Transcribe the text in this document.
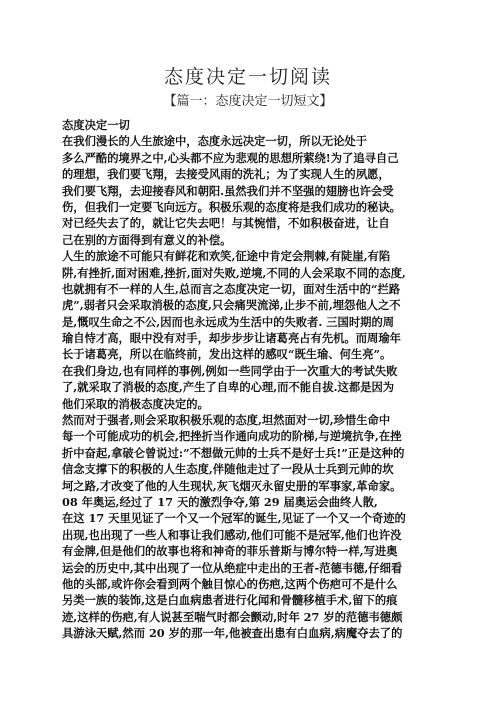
态度决定一切阅读
【篇一：态度决定一切短文】
态度决定一切
在我们漫长的人生旅途中，态度永远决定一切，所以无论处于
多么严酷的境界之中,心头都不应为悲观的思想所萦绕!为了追寻自己
的理想，我们要飞翔，去接受风雨的洗礼；为了实现人生的夙愿，
我们要飞翔，去迎接春风和朝阳.虽然我们并不坚强的翅膀也许会受
伤，但我们一定要飞向远方。积极乐观的态度将是我们成功的秘诀。
对已经失去了的，就让它失去吧！与其惋惜，不如积极奋进，让自
己在别的方面得到有意义的补偿。
人生的旅途不可能只有鲜花和欢笑,征途中肯定会荆棘,有陡崖,有陷
阱,有挫折,面对困难,挫折,面对失败,逆境,不同的人会采取不同的态度,
也就拥有不一样的人生,总而言之态度决定一切，面对生活中的“拦路
虎”,弱者只会采取消极的态度,只会痛哭流涕,止步不前,埋怨他人之不
是,慨叹生命之不公,因而也永远成为生活中的失败者. 三国时期的周
瑜自恃才高，眼中没有对手，却步步步让诸葛亮占有先机。而周瑜年
长于诸葛亮，所以在临终前，发出这样的感叹“既生瑜、何生亮”。
在我们身边,也有同样的事例,例如一些同学由于一次重大的考试失败
了,就采取了消极的态度,产生了自卑的心理,而不能自拔.这都是因为
他们采取的消极态度决定的。
然而对于强者,则会采取积极乐观的态度,坦然面对一切,珍惜生命中
每一个可能成功的机会,把挫折当作通向成功的阶梯,与逆境抗争,在挫
折中奋起,拿破仑曾说过:”不想做元帅的士兵不是好士兵!”正是这种的
信念支撑下的积极的人生态度,伴随他走过了一段从士兵到元帅的坎
坷之路,才改变了他的人生现状,灰飞烟灭永留史册的军事家,革命家。
08 年奥运,经过了 17 天的激烈争夺,第 29 届奥运会曲终人散,
在这 17 天里见证了一个又一个冠军的诞生,见证了一个又一个奇迹的
出现,也出现了一些人和事让我们感动,他们可能不是冠军,他们也许没
有金牌,但是他们的故事也将和神奇的菲乐普斯与博尔特一样,写进奥
运会的历史中,其中出现了一位从绝症中走出的王者-范德韦德,仔细看
他的头部,或许你会看到两个触目惊心的伤疤,这两个伤疤可不是什么
另类一族的装饰,这是白血病患者进行化闻和骨髓移植手术,留下的痕
迹,这样的伤疤,有人说甚至喘气时都会颤动,时年 27 岁的范德韦德颇
具游泳天赋,然而 20 岁的那一年,他被查出患有白血病,病魔夺去了的
